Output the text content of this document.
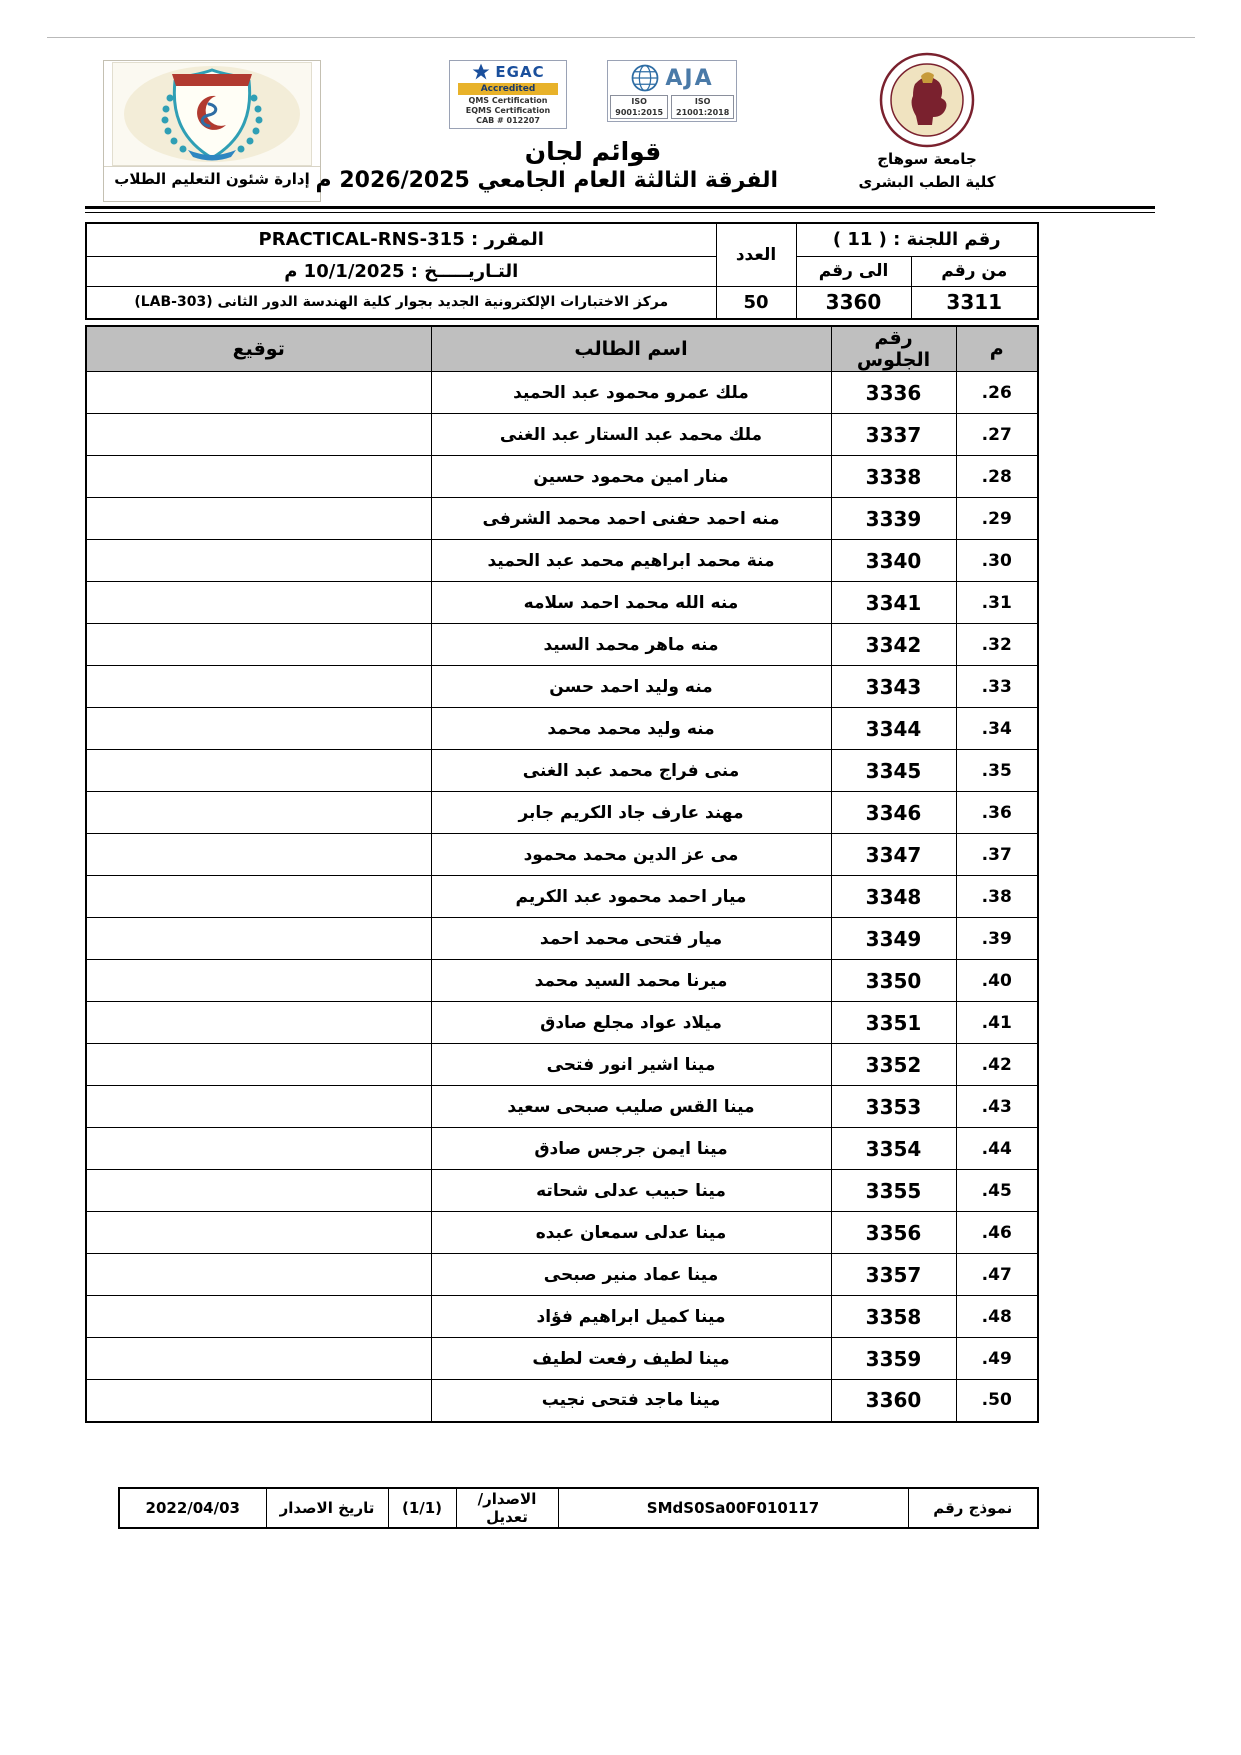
إدارة شئون التعليم الطلاب
EGAC
Accredited
QMS Certification
EQMS Certification
CAB # 012207
AJA
ISO 9001:2015
ISO 21001:2018
قوائم لجان
الفرقة الثالثة العام الجامعي 2026/2025 م
جامعة سوهاج
كلية الطب البشرى
رقم اللجنة : ( 11 )		العدد	المقرر : PRACTICAL-RNS-315
من رقم	الى رقم		التـاريـــــخ : 10/1/2025 م
3311	3360	50	مركز الاختبارات الإلكترونية الجديد بجوار كلية الهندسة الدور الثانى (LAB-303)
م	رقم الجلوس	اسم الطالب	توقيع
26.	3336	ملك عمرو محمود عبد الحميد	
27.	3337	ملك محمد عبد الستار عبد الغنى	
28.	3338	منار امين محمود حسين	
29.	3339	منه احمد حفنى احمد محمد الشرفى	
30.	3340	منة محمد ابراهيم محمد عبد الحميد	
31.	3341	منه الله محمد احمد سلامه	
32.	3342	منه ماهر محمد السيد	
33.	3343	منه وليد احمد حسن	
34.	3344	منه وليد محمد محمد	
35.	3345	منى فراج محمد عبد الغنى	
36.	3346	مهند عارف جاد الكريم جابر	
37.	3347	مى عز الدين محمد محمود	
38.	3348	ميار احمد محمود عبد الكريم	
39.	3349	ميار فتحى محمد احمد	
40.	3350	ميرنا محمد السيد محمد	
41.	3351	ميلاد عواد مجلع صادق	
42.	3352	مينا اشير انور فتحى	
43.	3353	مينا القس صليب صبحى سعيد	
44.	3354	مينا ايمن جرجس صادق	
45.	3355	مينا حبيب عدلى شحاته	
46.	3356	مينا عدلى سمعان عبده	
47.	3357	مينا عماد منير صبحى	
48.	3358	مينا كميل ابراهيم فؤاد	
49.	3359	مينا لطيف رفعت لطيف	
50.	3360	مينا ماجد فتحى نجيب	
نموذج رقم	SMdS0Sa00F010117	الاصدار/تعديل	(1/1)	تاريخ الاصدار	2022/04/03
